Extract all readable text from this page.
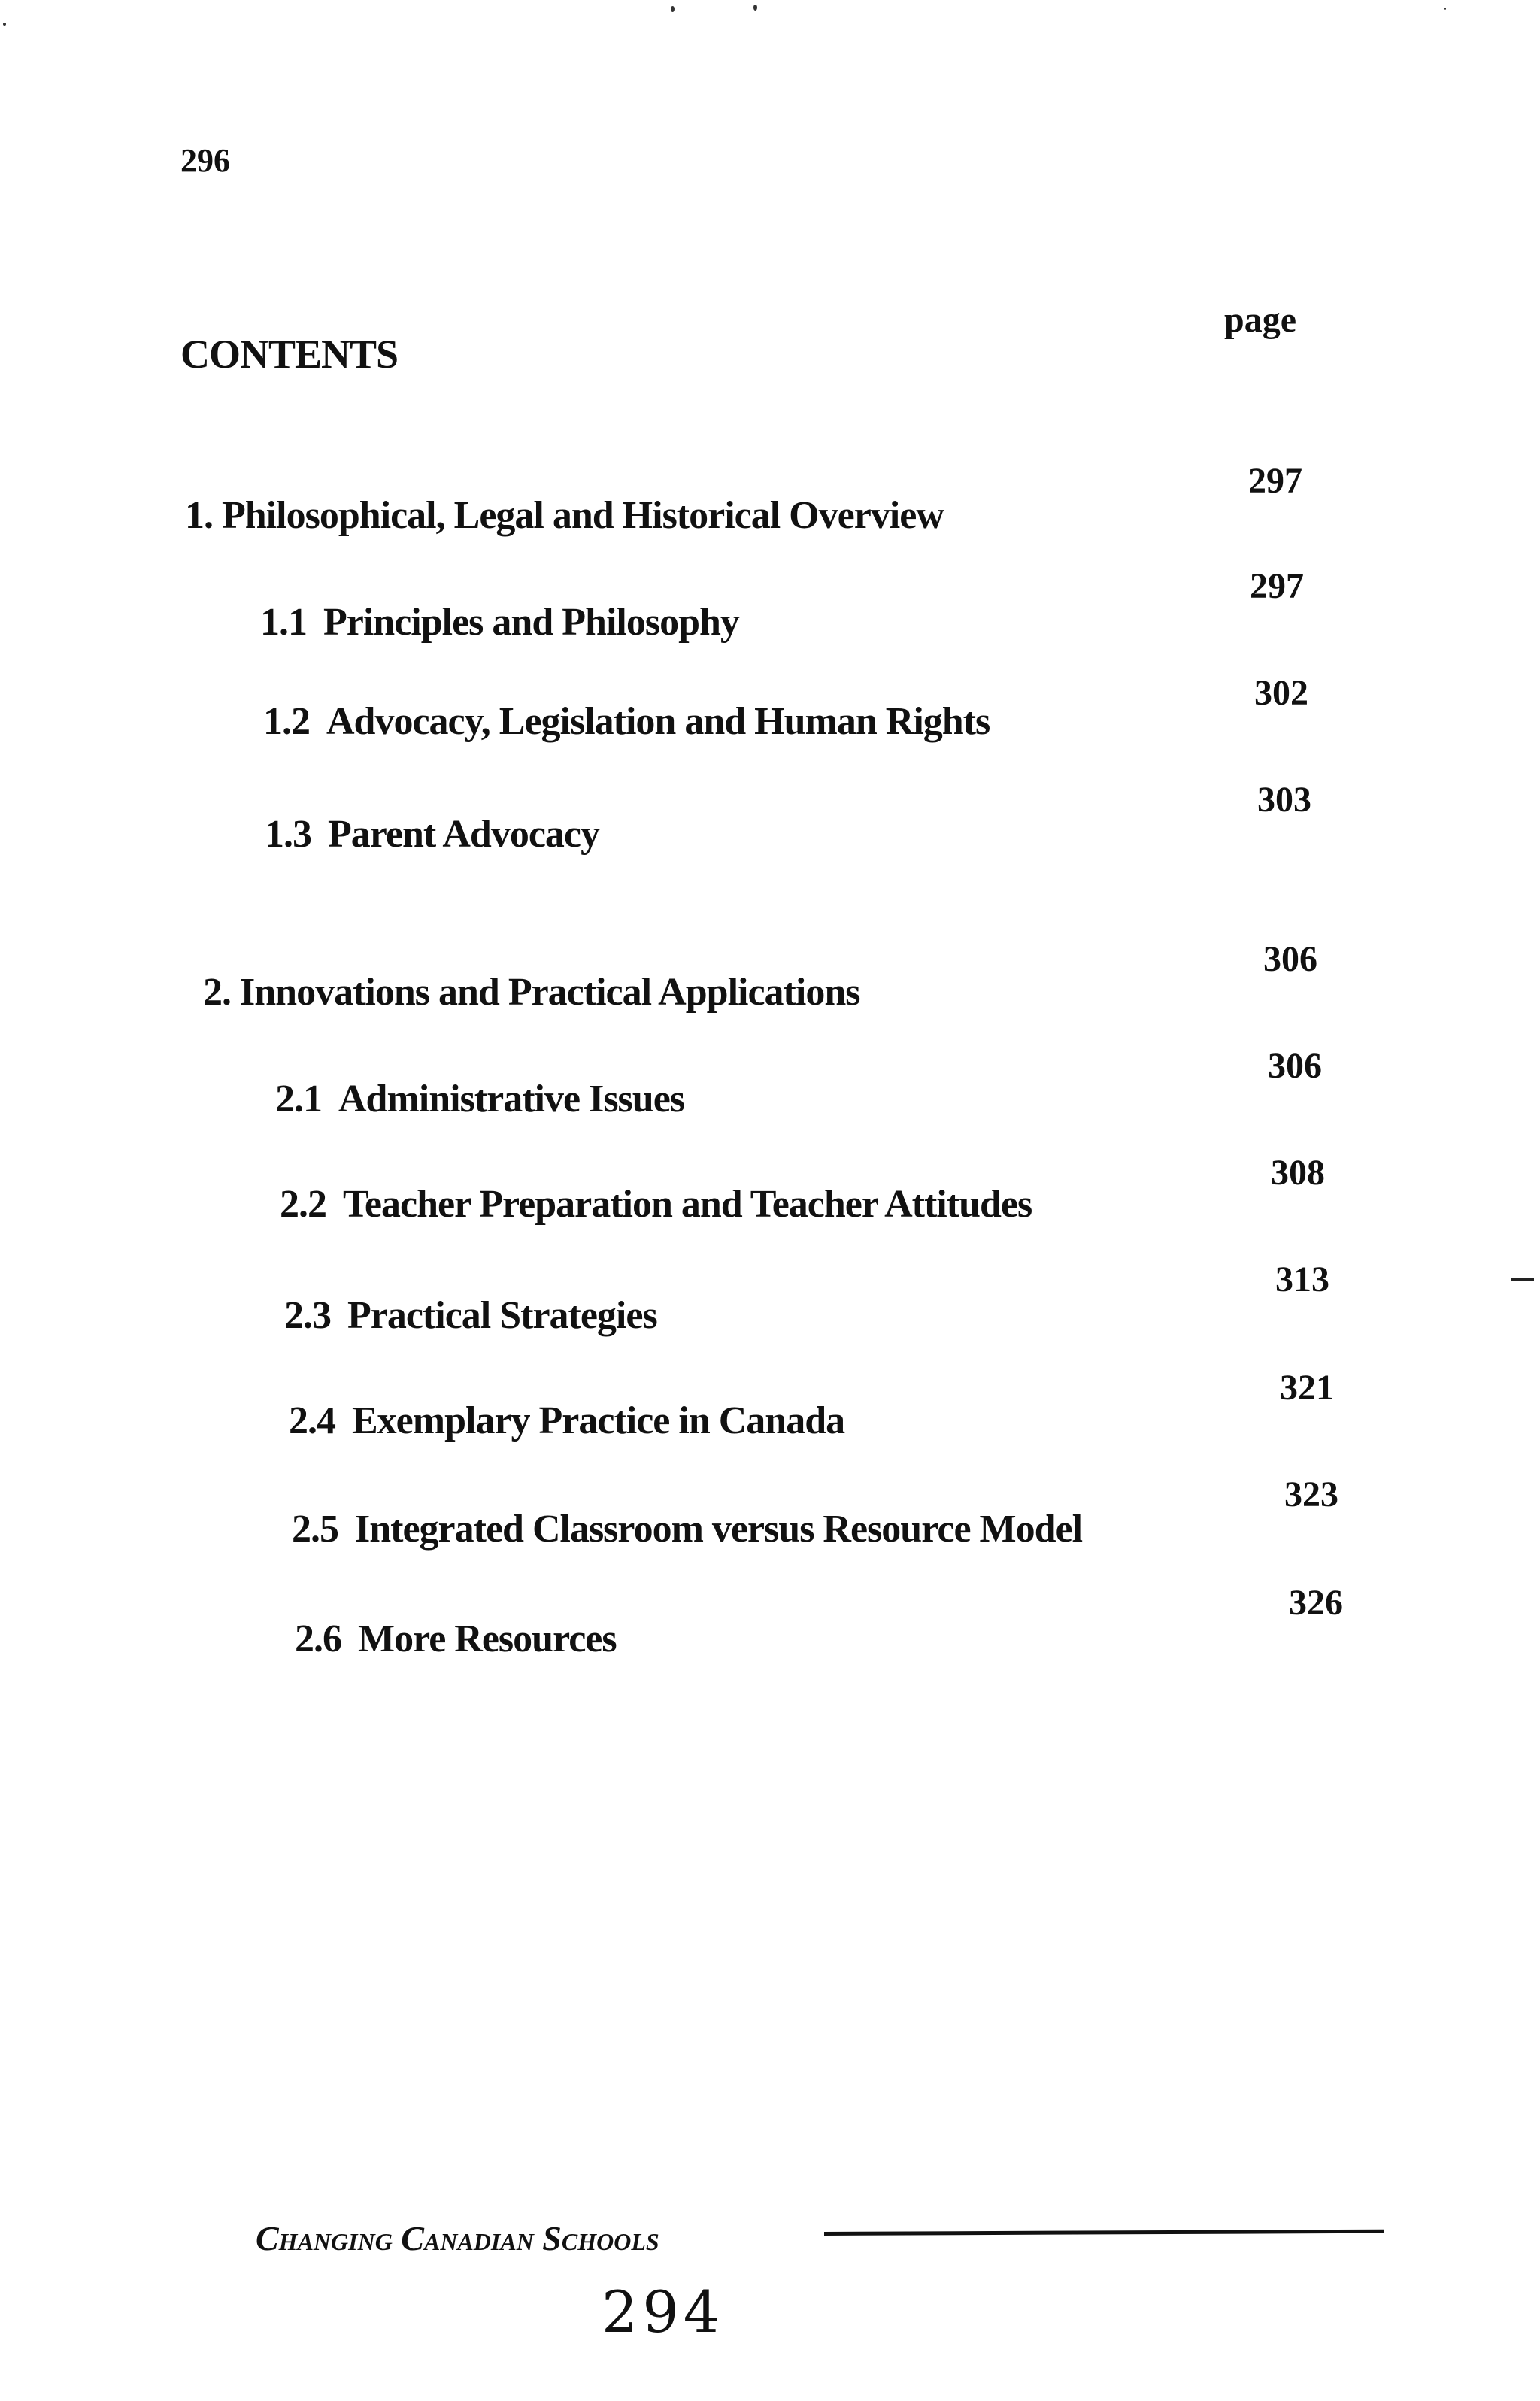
296
CONTENTS
page
1. Philosophical, Legal and Historical Overview
297
1.1 Principles and Philosophy
297
1.2 Advocacy, Legislation and Human Rights
302
1.3 Parent Advocacy
303
2. Innovations and Practical Applications
306
2.1 Administrative Issues
306
2.2 Teacher Preparation and Teacher Attitudes
308
2.3 Practical Strategies
313
2.4 Exemplary Practice in Canada
321
2.5 Integrated Classroom versus Resource Model
323
2.6 More Resources
326
Changing Canadian Schools
294
